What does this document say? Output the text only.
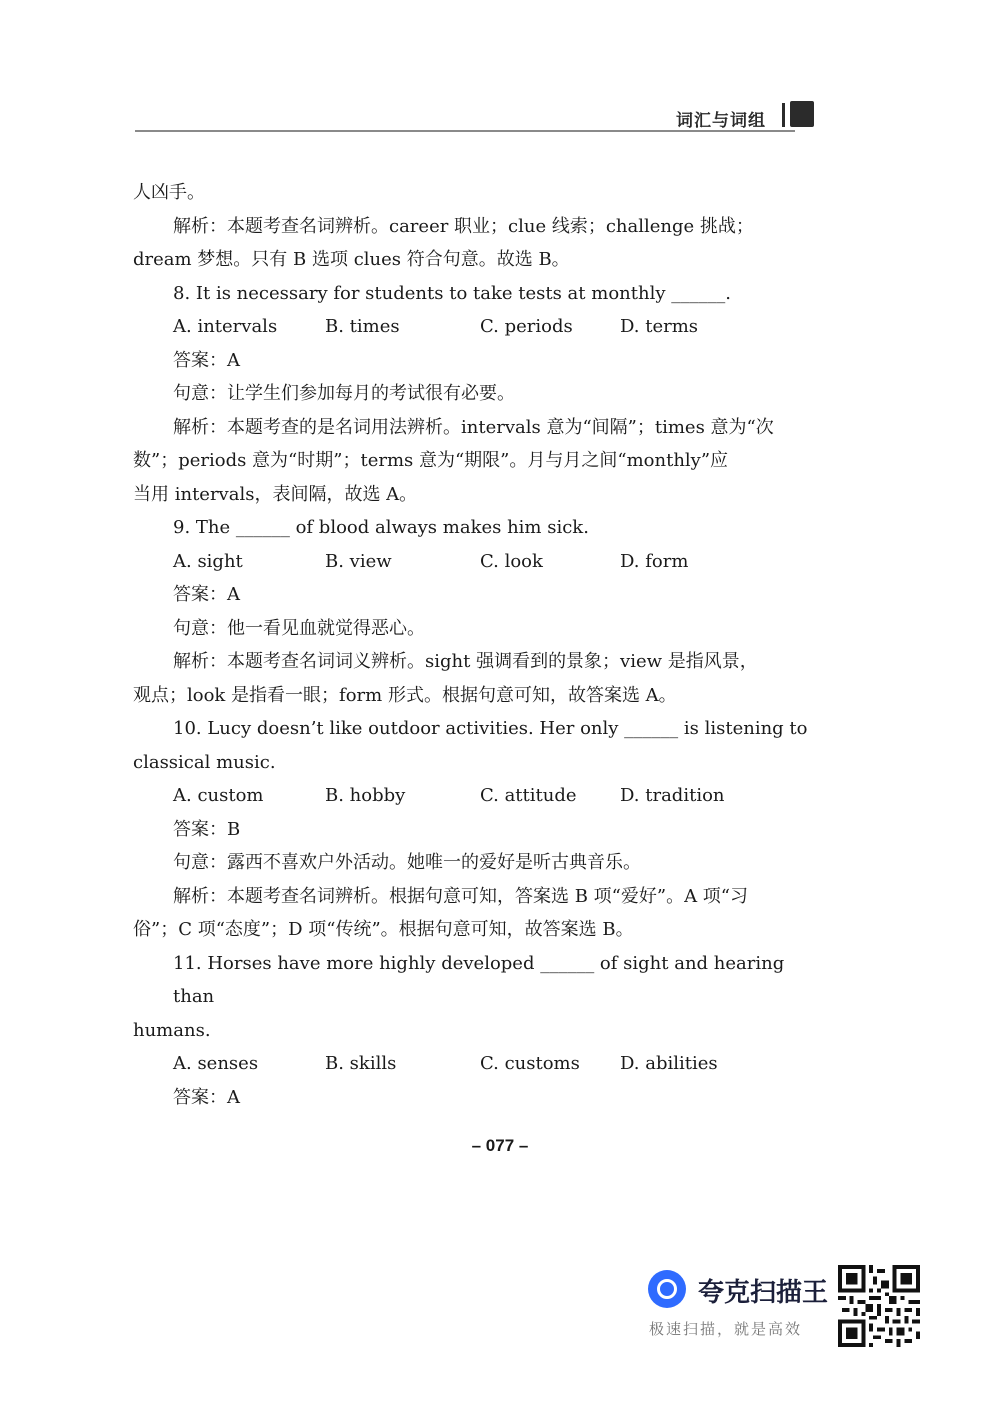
词汇与词组

人凶手。

解析：本题考查名词辨析。career 职业；clue 线索；challenge 挑战；

dream 梦想。只有 B 选项 clues 符合句意。故选 B。

8. It is necessary for students to take tests at monthly ______.

A. intervals	B. times	C. periods	D. terms

答案：A

句意：让学生们参加每月的考试很有必要。

解析：本题考查的是名词用法辨析。intervals 意为“间隔”；times 意为“次

数”；periods 意为“时期”；terms 意为“期限”。月与月之间“monthly”应

当用 intervals，表间隔，故选 A。

9. The ______ of blood always makes him sick.

A. sight	B. view	C. look	D. form

答案：A

句意：他一看见血就觉得恶心。

解析：本题考查名词词义辨析。sight 强调看到的景象；view 是指风景，

观点；look 是指看一眼；form 形式。根据句意可知，故答案选 A。

10. Lucy doesn’t like outdoor activities. Her only ______ is listening to

classical music.

A. custom	B. hobby	C. attitude	D. tradition

答案：B

句意：露西不喜欢户外活动。她唯一的爱好是听古典音乐。

解析：本题考查名词辨析。根据句意可知，答案选 B 项“爱好”。A 项“习

俗”；C 项“态度”；D 项“传统”。根据句意可知，故答案选 B。

11. Horses have more highly developed ______ of sight and hearing than

humans.

A. senses	B. skills	C. customs	D. abilities

答案：A

– 077 –
夸克扫描王
极速扫描，就是高效
